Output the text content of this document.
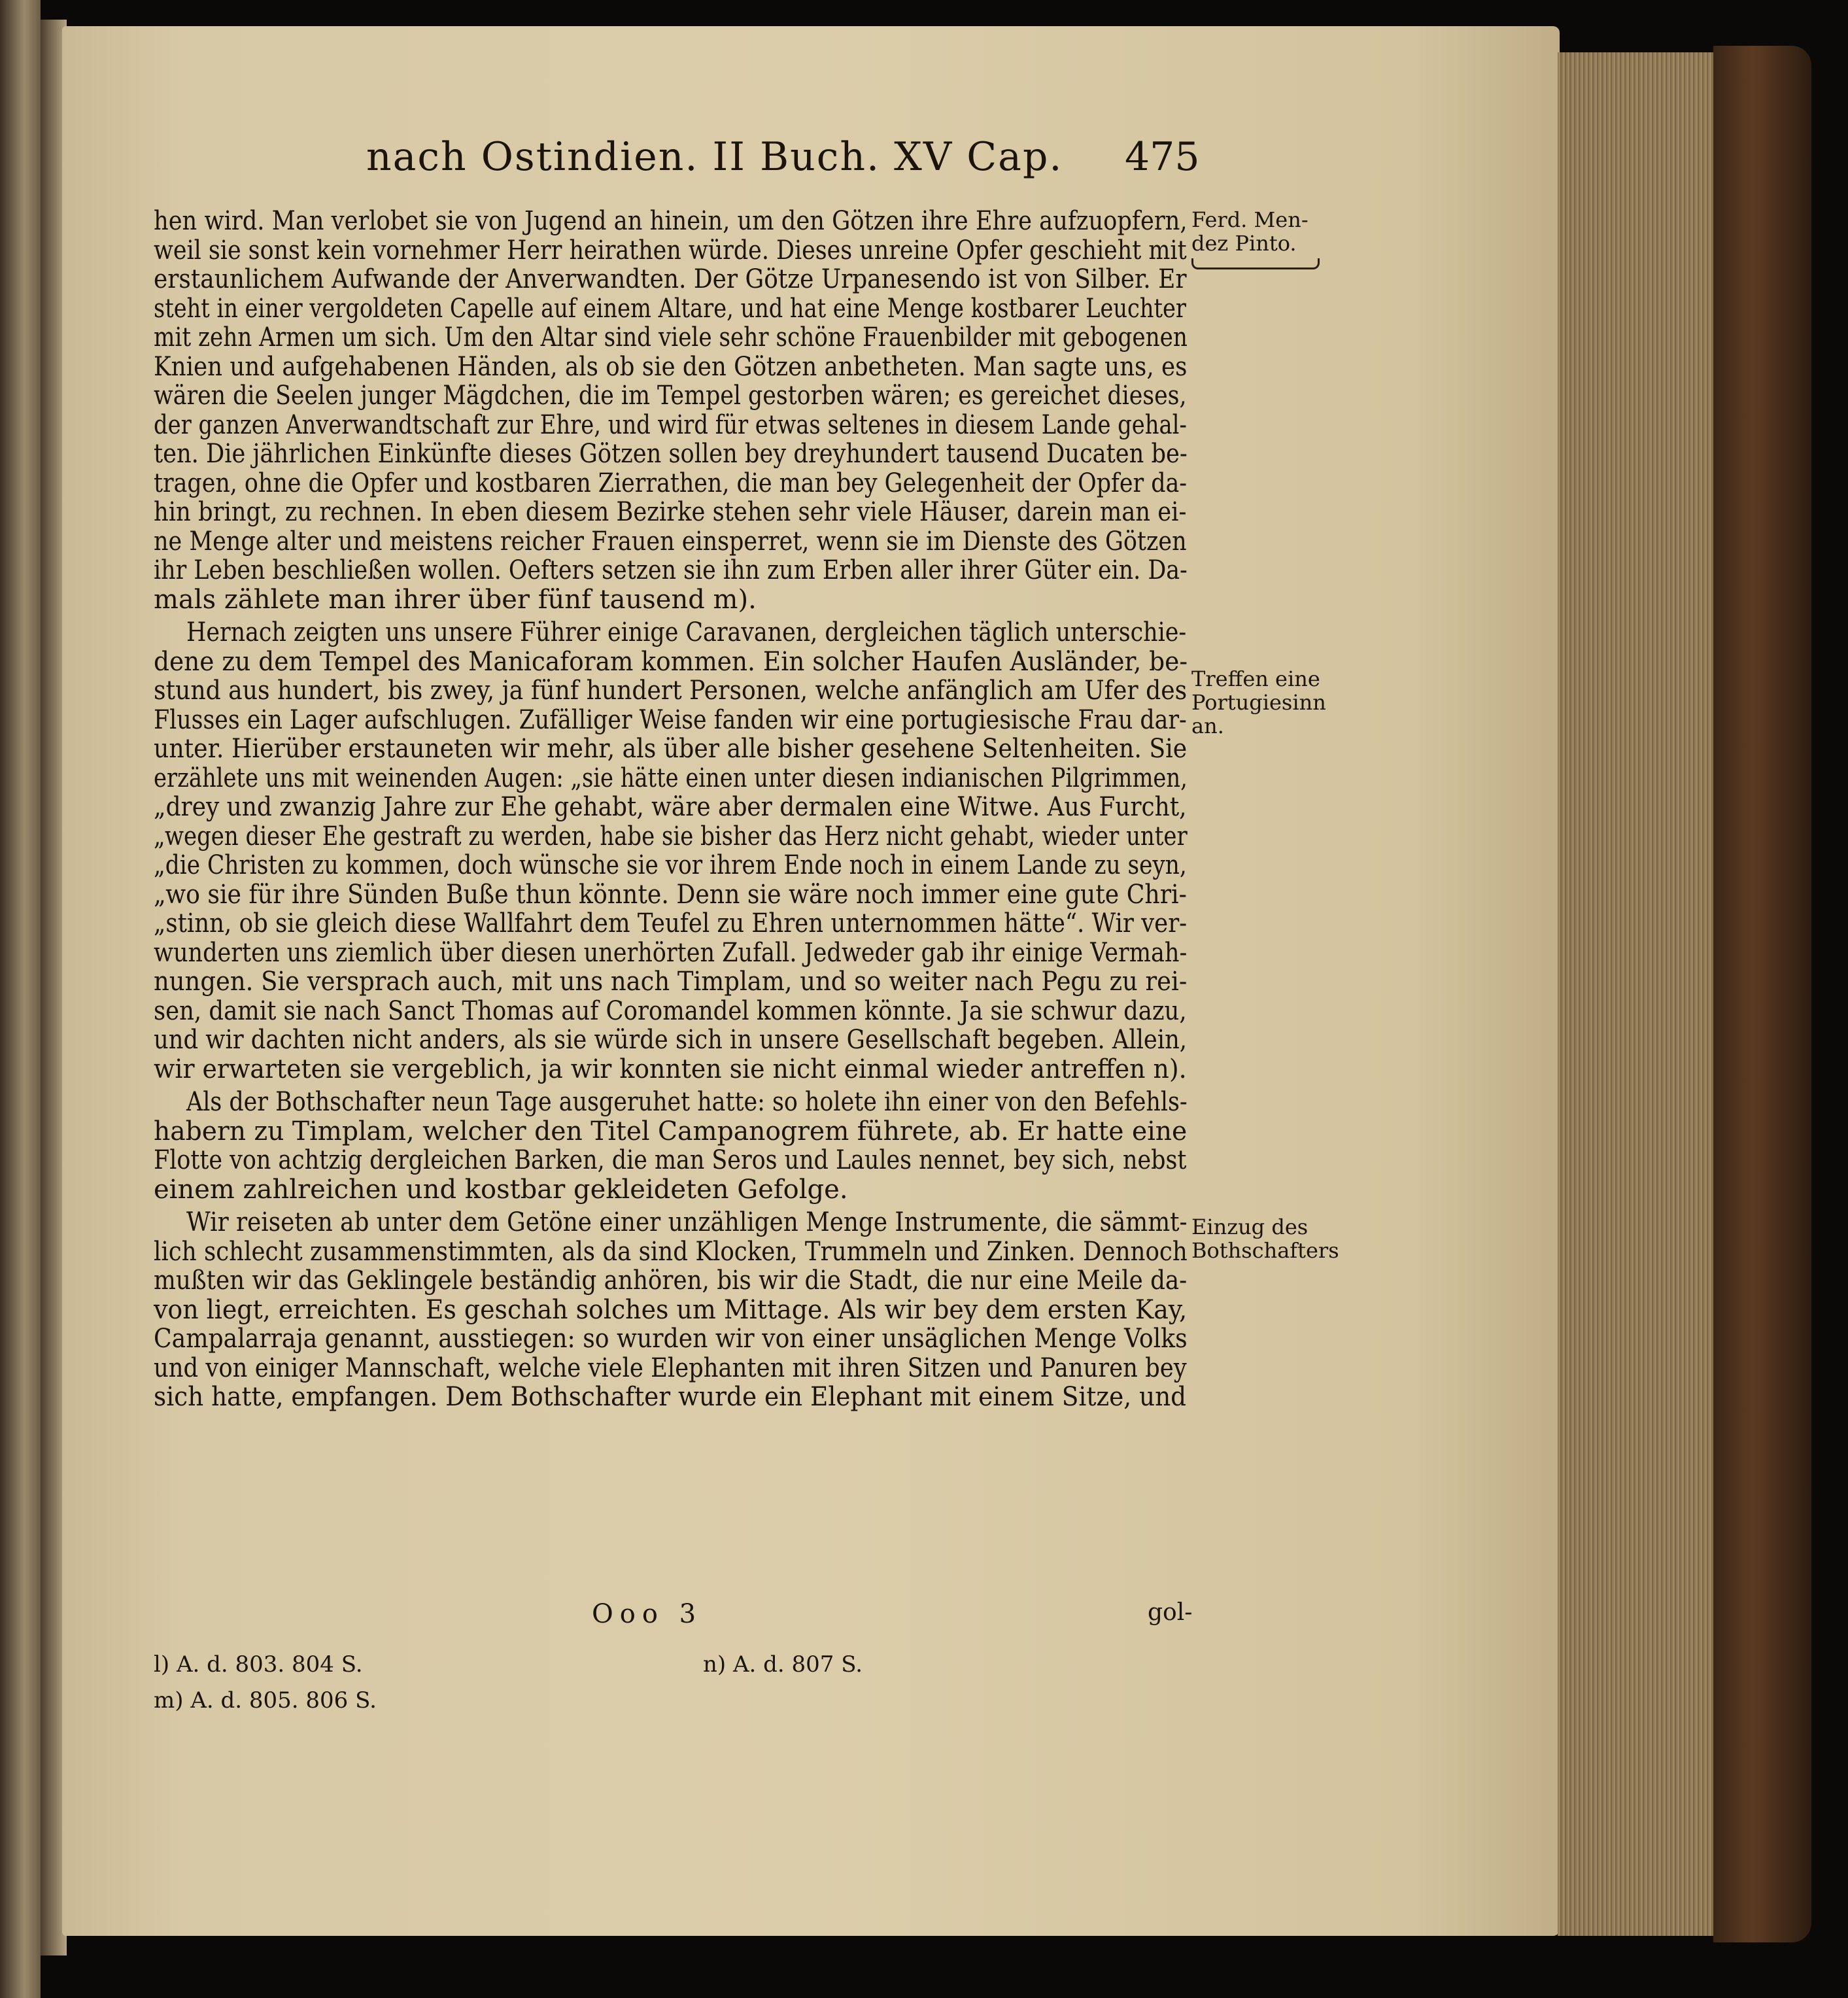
nach Ostindien. II Buch. XV Cap. 475
hen wird. Man verlobet sie von Jugend an hinein, um den Götzen ihre Ehre aufzuopfern,
weil sie sonst kein vornehmer Herr heirathen würde. Dieses unreine Opfer geschieht mit
erstaunlichem Aufwande der Anverwandten. Der Götze Urpanesendo ist von Silber. Er
steht in einer vergoldeten Capelle auf einem Altare, und hat eine Menge kostbarer Leuchter
mit zehn Armen um sich. Um den Altar sind viele sehr schöne Frauenbilder mit gebogenen
Knien und aufgehabenen Händen, als ob sie den Götzen anbetheten. Man sagte uns, es
wären die Seelen junger Mägdchen, die im Tempel gestorben wären; es gereichet dieses,
der ganzen Anverwandtschaft zur Ehre, und wird für etwas seltenes in diesem Lande gehal-
ten. Die jährlichen Einkünfte dieses Götzen sollen bey dreyhundert tausend Ducaten be-
tragen, ohne die Opfer und kostbaren Zierrathen, die man bey Gelegenheit der Opfer da-
hin bringt, zu rechnen. In eben diesem Bezirke stehen sehr viele Häuser, darein man ei-
ne Menge alter und meistens reicher Frauen einsperret, wenn sie im Dienste des Götzen
ihr Leben beschließen wollen. Oefters setzen sie ihn zum Erben aller ihrer Güter ein. Da-
mals zählete man ihrer über fünf tausend m).
Hernach zeigten uns unsere Führer einige Caravanen, dergleichen täglich unterschie-
dene zu dem Tempel des Manicaforam kommen. Ein solcher Haufen Ausländer, be-
stund aus hundert, bis zwey, ja fünf hundert Personen, welche anfänglich am Ufer des
Flusses ein Lager aufschlugen. Zufälliger Weise fanden wir eine portugiesische Frau dar-
unter. Hierüber erstauneten wir mehr, als über alle bisher gesehene Seltenheiten. Sie
erzählete uns mit weinenden Augen: „sie hätte einen unter diesen indianischen Pilgrimmen,
„drey und zwanzig Jahre zur Ehe gehabt, wäre aber dermalen eine Witwe. Aus Furcht,
„wegen dieser Ehe gestraft zu werden, habe sie bisher das Herz nicht gehabt, wieder unter
„die Christen zu kommen, doch wünsche sie vor ihrem Ende noch in einem Lande zu seyn,
„wo sie für ihre Sünden Buße thun könnte. Denn sie wäre noch immer eine gute Chri-
„stinn, ob sie gleich diese Wallfahrt dem Teufel zu Ehren unternommen hätte“. Wir ver-
wunderten uns ziemlich über diesen unerhörten Zufall. Jedweder gab ihr einige Vermah-
nungen. Sie versprach auch, mit uns nach Timplam, und so weiter nach Pegu zu rei-
sen, damit sie nach Sanct Thomas auf Coromandel kommen könnte. Ja sie schwur dazu,
und wir dachten nicht anders, als sie würde sich in unsere Gesellschaft begeben. Allein,
wir erwarteten sie vergeblich, ja wir konnten sie nicht einmal wieder antreffen n).
Als der Bothschafter neun Tage ausgeruhet hatte: so holete ihn einer von den Befehls-
habern zu Timplam, welcher den Titel Campanogrem führete, ab. Er hatte eine
Flotte von achtzig dergleichen Barken, die man Seros und Laules nennet, bey sich, nebst
einem zahlreichen und kostbar gekleideten Gefolge.
Wir reiseten ab unter dem Getöne einer unzähligen Menge Instrumente, die sämmt-
lich schlecht zusammenstimmten, als da sind Klocken, Trummeln und Zinken. Dennoch
mußten wir das Geklingele beständig anhören, bis wir die Stadt, die nur eine Meile da-
von liegt, erreichten. Es geschah solches um Mittage. Als wir bey dem ersten Kay,
Campalarraja genannt, ausstiegen: so wurden wir von einer unsäglichen Menge Volks
und von einiger Mannschaft, welche viele Elephanten mit ihren Sitzen und Panuren bey
sich hatte, empfangen. Dem Bothschafter wurde ein Elephant mit einem Sitze, und
Ooo 3	gol-
l) A. d. 803. 804 S.
m) A. d. 805. 806 S.
n) A. d. 807 S.
Ferd. Men-
dez Pinto.
Treffen eine
Portugiesinn
an.
Einzug des
Bothschafters
